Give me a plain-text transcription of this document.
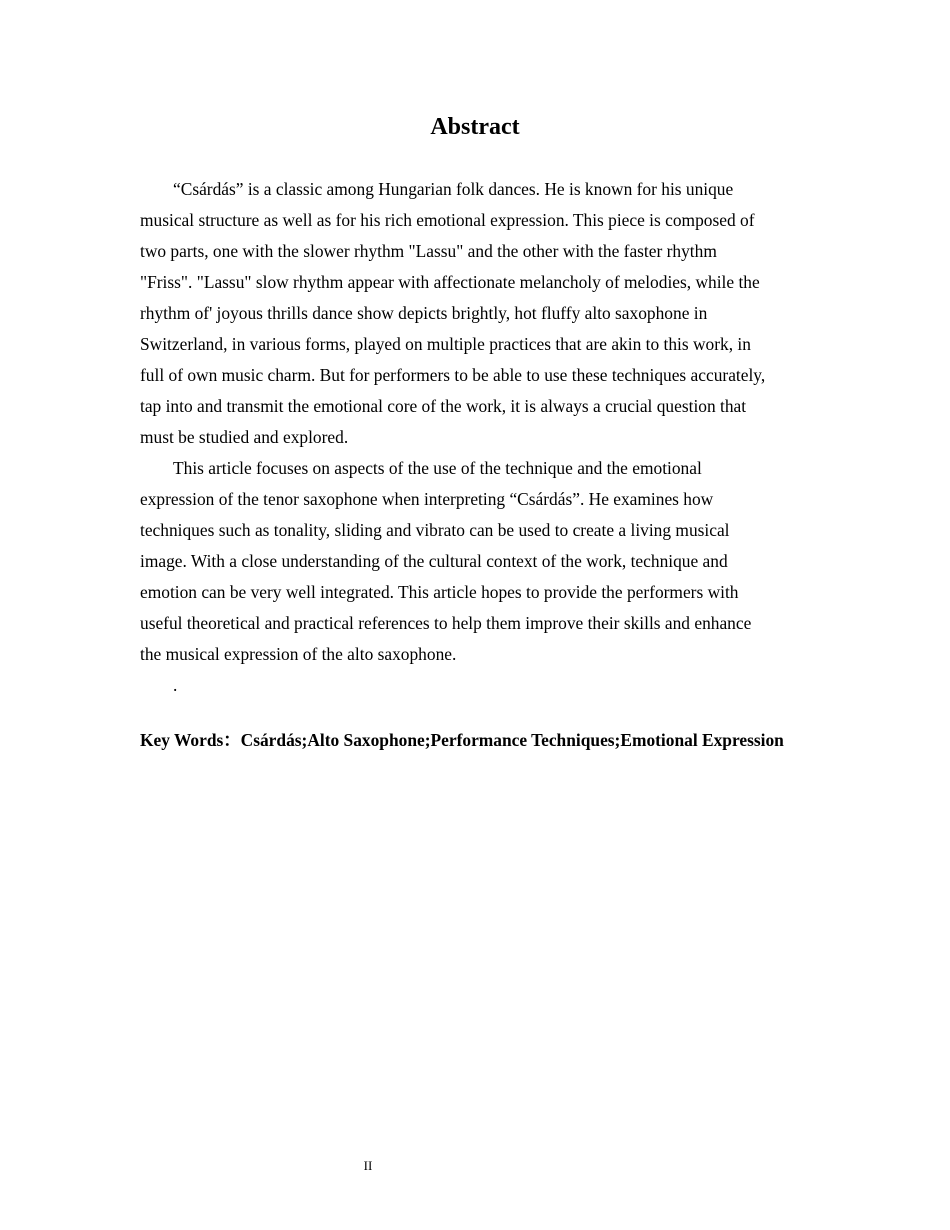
Abstract
“Csárdás” is a classic among Hungarian folk dances. He is known for his unique
musical structure as well as for his rich emotional expression. This piece is composed of
two parts, one with the slower rhythm "Lassu" and the other with the faster rhythm
"Friss". "Lassu" slow rhythm appear with affectionate melancholy of melodies, while the
rhythm of' joyous thrills dance show depicts brightly, hot fluffy alto saxophone in
Switzerland, in various forms, played on multiple practices that are akin to this work, in
full of own music charm. But for performers to be able to use these techniques accurately,
tap into and transmit the emotional core of the work, it is always a crucial question that
must be studied and explored.
This article focuses on aspects of the use of the technique and the emotional
expression of the tenor saxophone when interpreting “Csárdás”. He examines how
techniques such as tonality, sliding and vibrato can be used to create a living musical
image. With a close understanding of the cultural context of the work, technique and
emotion can be very well integrated. This article hopes to provide the performers with
useful theoretical and practical references to help them improve their skills and enhance
the musical expression of the alto saxophone.
.

Key Words：Csárdás;Alto Saxophone;Performance Techniques;Emotional Expression

II
